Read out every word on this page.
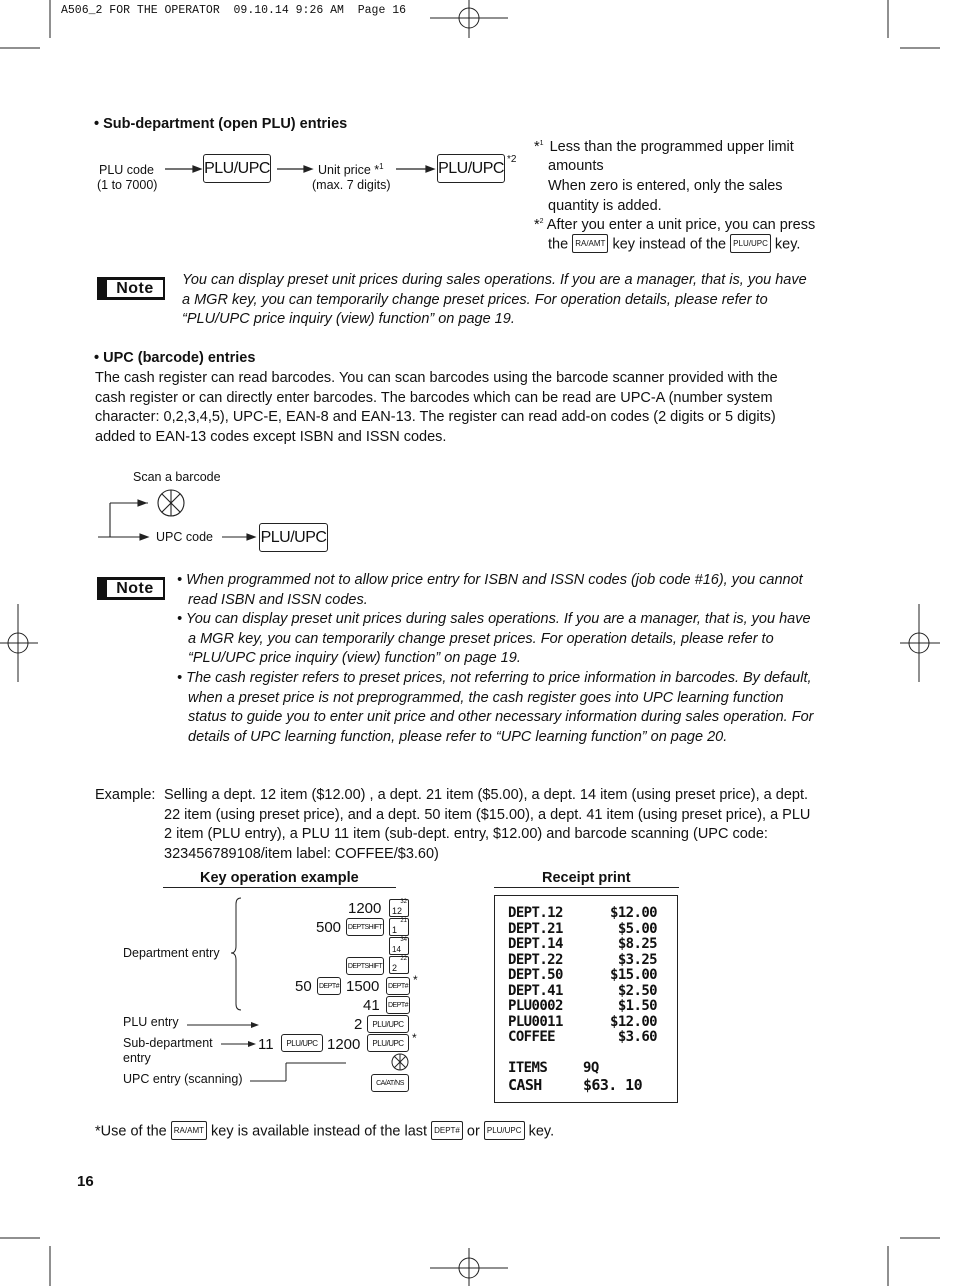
A506_2 FOR THE OPERATOR  09.10.14 9:26 AM  Page 16
• Sub-department (open PLU) entries
PLU code
(1 to 7000)
PLU/UPC	Unit price *$^1$
(max. 7 digits)
PLU/UPC *2
*$^1$ Less than the programmed upper limit
amounts
When zero is entered, only the sales
quantity is added.
*$^2$ After you enter a unit price, you can press
the RA/AMT key instead of the PLU/UPC key.
Note	You can display preset unit prices during sales operations. If you are a manager, that is, you have
a MGR key, you can temporarily change preset prices. For operation details, please refer to
“PLU/UPC price inquiry (view) function” on page 19.
• UPC (barcode) entries
The cash register can read barcodes. You can scan barcodes using the barcode scanner provided with the
cash register or can directly enter barcodes. The barcodes which can be read are UPC-A (number system
character: 0,2,3,4,5), UPC-E, EAN-8 and EAN-13. The register can read add-on codes (2 digits or 5 digits)
added to EAN-13 codes except ISBN and ISSN codes.
Scan a barcode
UPC code	PLU/UPC
Note	• When programmed not to allow price entry for ISBN and ISSN codes (job code #16), you cannot
read ISBN and ISSN codes.
• You can display preset unit prices during sales operations. If you are a manager, that is, you have
a MGR key, you can temporarily change preset prices. For operation details, please refer to
“PLU/UPC price inquiry (view) function” on page 19.
• The cash register refers to preset prices, not referring to price information in barcodes. By default,
when a preset price is not preprogrammed, the cash register goes into UPC learning function
status to guide you to enter unit price and other necessary information during sales operation. For
details of UPC learning function, please refer to “UPC learning function” on page 20.
Example: Selling a dept. 12 item ($12.00) , a dept. 21 item ($5.00), a dept. 14 item (using preset price), a dept.
22 item (using preset price), and a dept. 50 item ($15.00), a dept. 41 item (using preset price), a PLU
2 item (PLU entry), a PLU 11 item (sub-dept. entry, $12.00) and barcode scanning (UPC code:
323456789108/item label: COFFEE/$3.60)
Key operation example	Receipt print
Department entry
PLU entry
Sub-department
entry
UPC entry (scanning)
1200	32
12
500 DEPTSHIFT
21
1
34
14
DEPTSHIFT
22
2
50 DEPT# 1500 DEPT# *
41 DEPT#
2	PLU/UPC
11	PLU/UPC 1200	PLU/UPC *
CA/AT/NS
DEPT.12	$12.00
DEPT.21	$5.00
DEPT.14	$8.25
DEPT.22	$3.25
DEPT.50	$15.00
DEPT.41	$2.50
PLU0002	$1.50
PLU0011	$12.00
COFFEE	$3.60
ITEMS	9Q
CASH	$63. 10
*Use of the RA/AMT key is available instead of the last DEPT# or PLU/UPC key.
16
